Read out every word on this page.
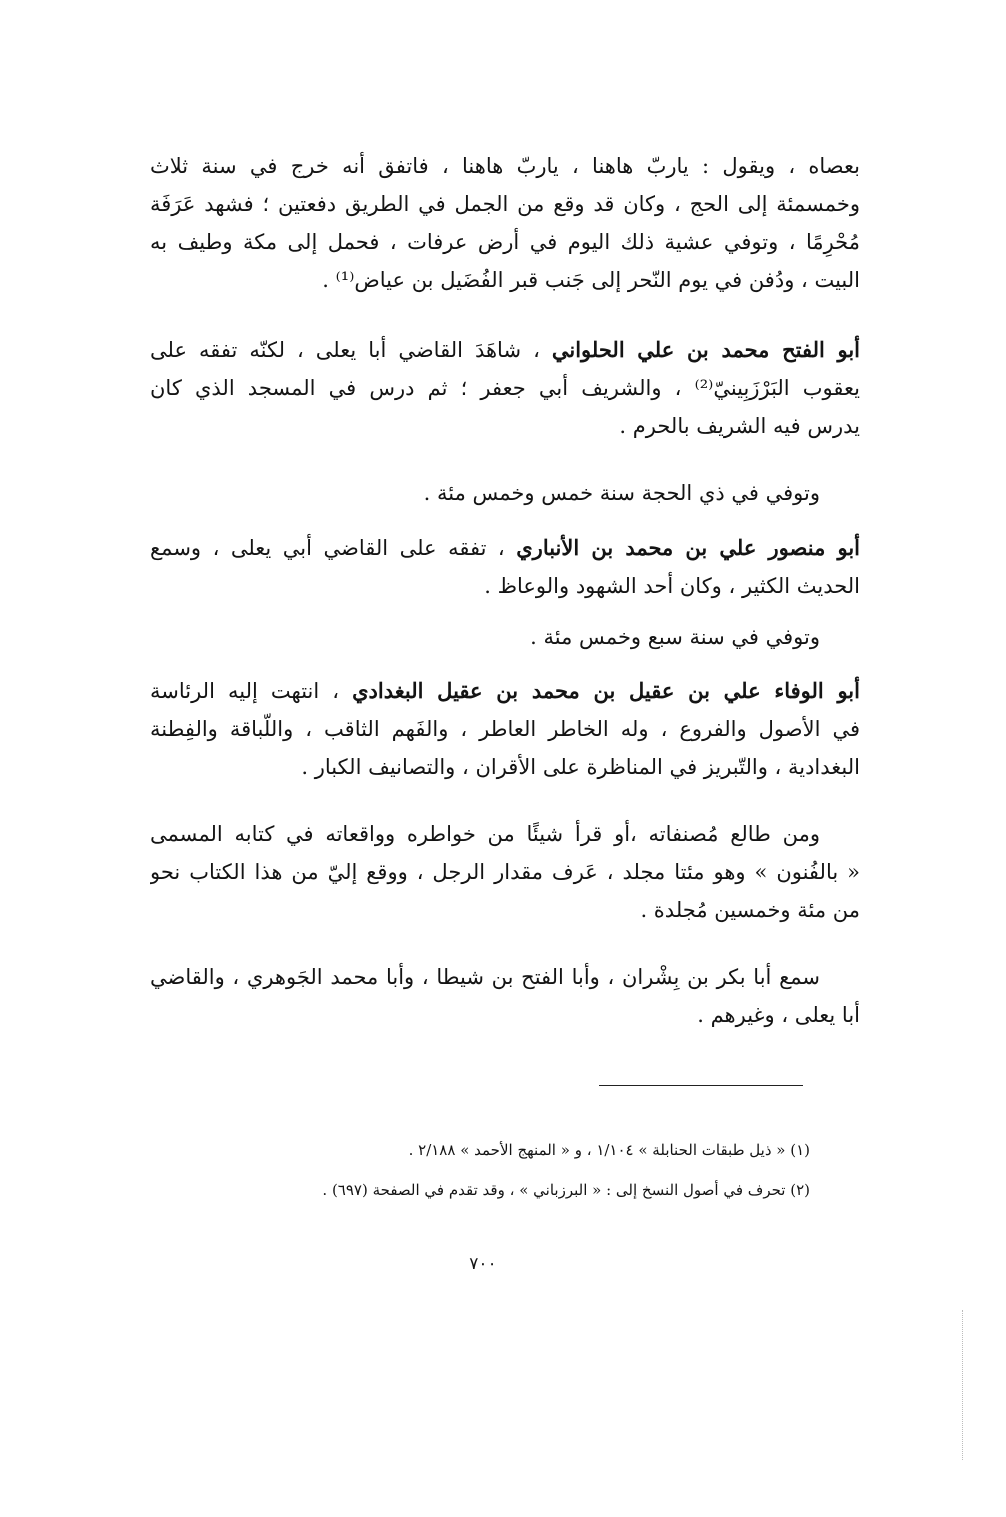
بعصاه ، ويقول : ياربّ هاهنا ، ياربّ هاهنا ، فاتفق أنه خرج في سنة ثلاث
وخمسمئة إلى الحج ، وكان قد وقع من الجمل في الطريق دفعتين ؛ فشهد عَرَفَة
مُحْرِمًا ، وتوفي عشية ذلك اليوم في أرض عرفات ، فحمل إلى مكة وطيف به
البيت ، ودُفن في يوم النّحر إلى جَنب قبر الفُضَيل بن عياض⁽¹⁾ .
أبو الفتح محمد بن علي الحلواني ، شاهَدَ القاضي أبا يعلى ، لكنّه تفقه على
يعقوب البَرْزَبِينيّ⁽²⁾ ، والشريف أبي جعفر ؛ ثم درس في المسجد الذي كان
يدرس فيه الشريف بالحرم .
وتوفي في ذي الحجة سنة خمس وخمس مئة .
أبو منصور علي بن محمد بن الأنباري ، تفقه على القاضي أبي يعلى ، وسمع
الحديث الكثير ، وكان أحد الشهود والوعاظ .
وتوفي في سنة سبع وخمس مئة .
أبو الوفاء علي بن عقيل بن محمد بن عقيل البغدادي ، انتهت إليه الرئاسة
في الأصول والفروع ، وله الخاطر العاطر ، والفَهم الثاقب ، واللّباقة والفِطنة
البغدادية ، والتّبريز في المناظرة على الأقران ، والتصانيف الكبار .
ومن طالع مُصنفاته ،أو قرأ شيئًا من خواطره وواقعاته في كتابه المسمى
« بالفُنون » وهو مئتا مجلد ، عَرف مقدار الرجل ، ووقع إليّ من هذا الكتاب نحو
من مئة وخمسين مُجلدة .
سمع أبا بكر بن بِشْران ، وأبا الفتح بن شيطا ، وأبا محمد الجَوهري ، والقاضي
أبا يعلى ، وغيرهم .
(١) « ذيل طبقات الحنابلة » ١/١٠٤ ، و « المنهج الأحمد » ٢/١٨٨ .
(٢) تحرف في أصول النسخ إلى : « البرزباني » ، وقد تقدم في الصفحة (٦٩٧) .
٧٠٠
